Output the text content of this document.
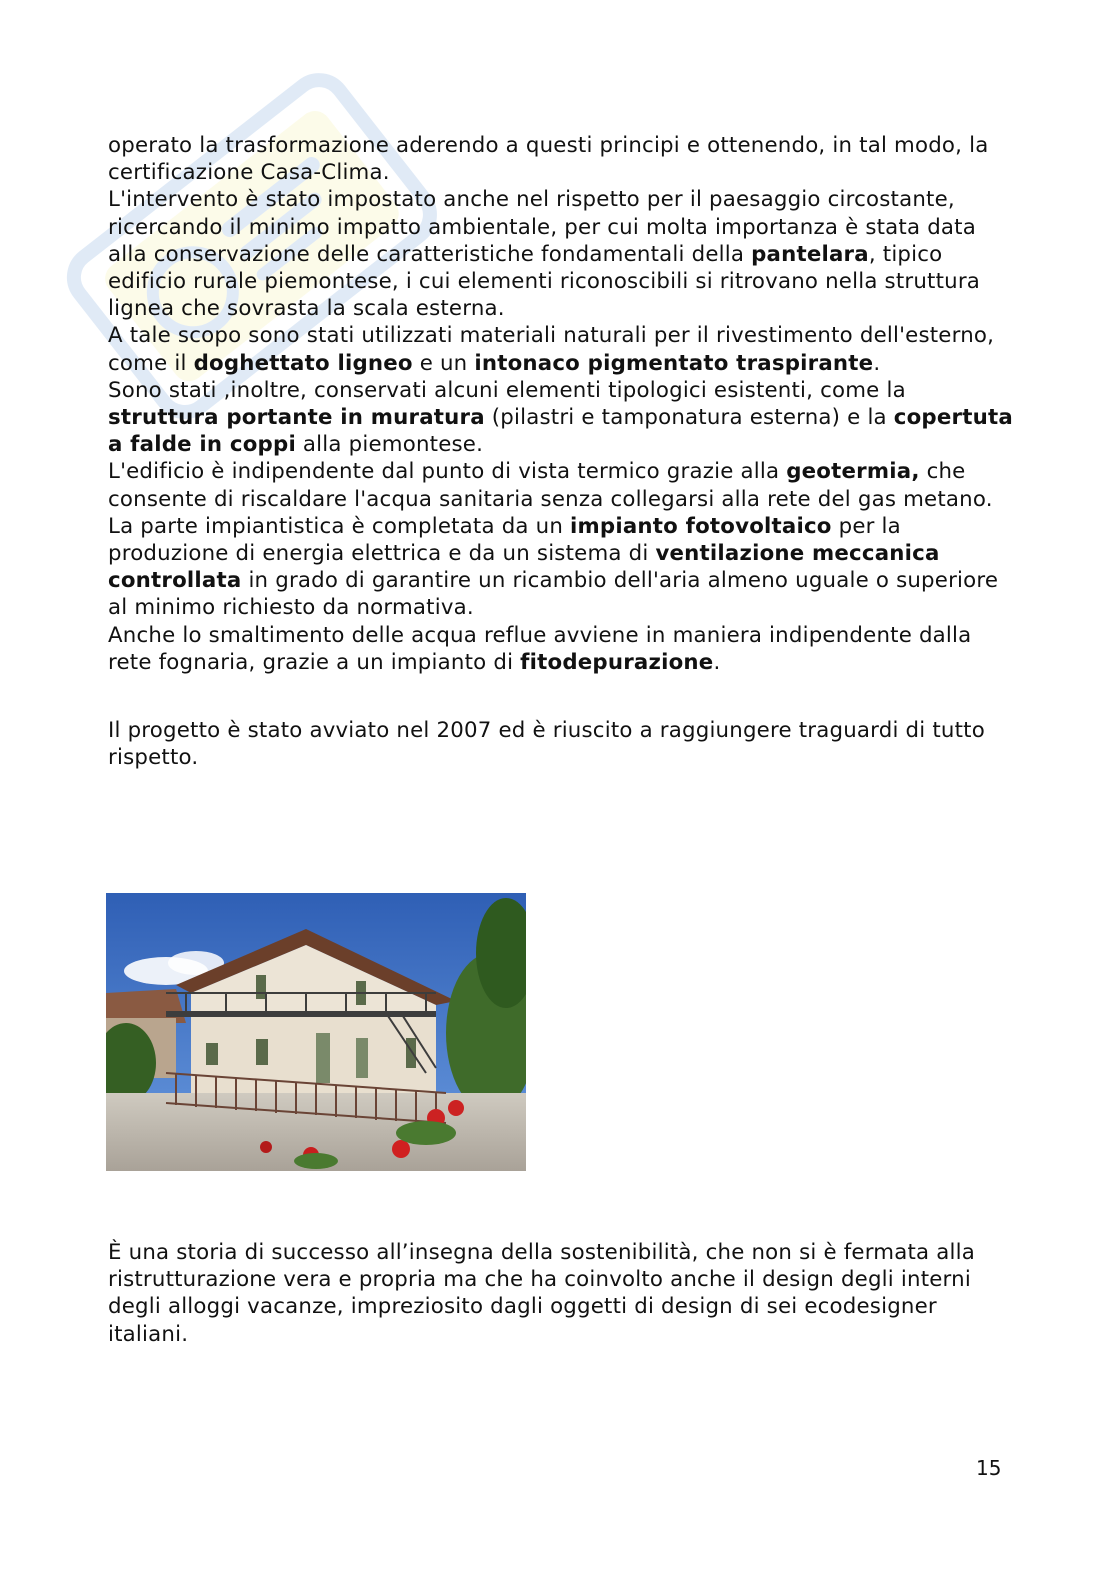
operato la trasformazione aderendo a questi principi e ottenendo, in tal modo, la certificazione Casa-Clima.

L'intervento è stato impostato anche nel rispetto per il paesaggio circostante, ricercando il minimo impatto ambientale, per cui molta importanza è stata data alla conservazione delle caratteristiche fondamentali della pantelara, tipico edificio rurale piemontese, i cui elementi riconoscibili si ritrovano nella struttura lignea che sovrasta la scala esterna.

A tale scopo sono stati utilizzati materiali naturali per il rivestimento dell'esterno, come il doghettato ligneo e un intonaco pigmentato traspirante.

Sono stati ,inoltre, conservati alcuni elementi tipologici esistenti, come la struttura portante in muratura (pilastri e tamponatura esterna) e la copertuta a falde in coppi alla piemontese.

L'edificio è indipendente dal punto di vista termico grazie alla geotermia, che consente di riscaldare l'acqua sanitaria senza collegarsi alla rete del gas metano. La parte impiantistica è completata da un impianto fotovoltaico per la produzione di energia elettrica e da un sistema di ventilazione meccanica controllata in grado di garantire un ricambio dell'aria almeno uguale o superiore al minimo richiesto da normativa.

Anche lo smaltimento delle acqua reflue avviene in maniera indipendente dalla rete fognaria, grazie a un impianto di fitodepurazione.

Il progetto è stato avviato nel 2007 ed è riuscito a raggiungere traguardi di tutto rispetto.

È una storia di successo all’insegna della sostenibilità, che non si è fermata alla ristrutturazione vera e propria ma che ha coinvolto anche il design degli interni degli alloggi vacanze, impreziosito dagli oggetti di design di sei ecodesigner italiani.

15
